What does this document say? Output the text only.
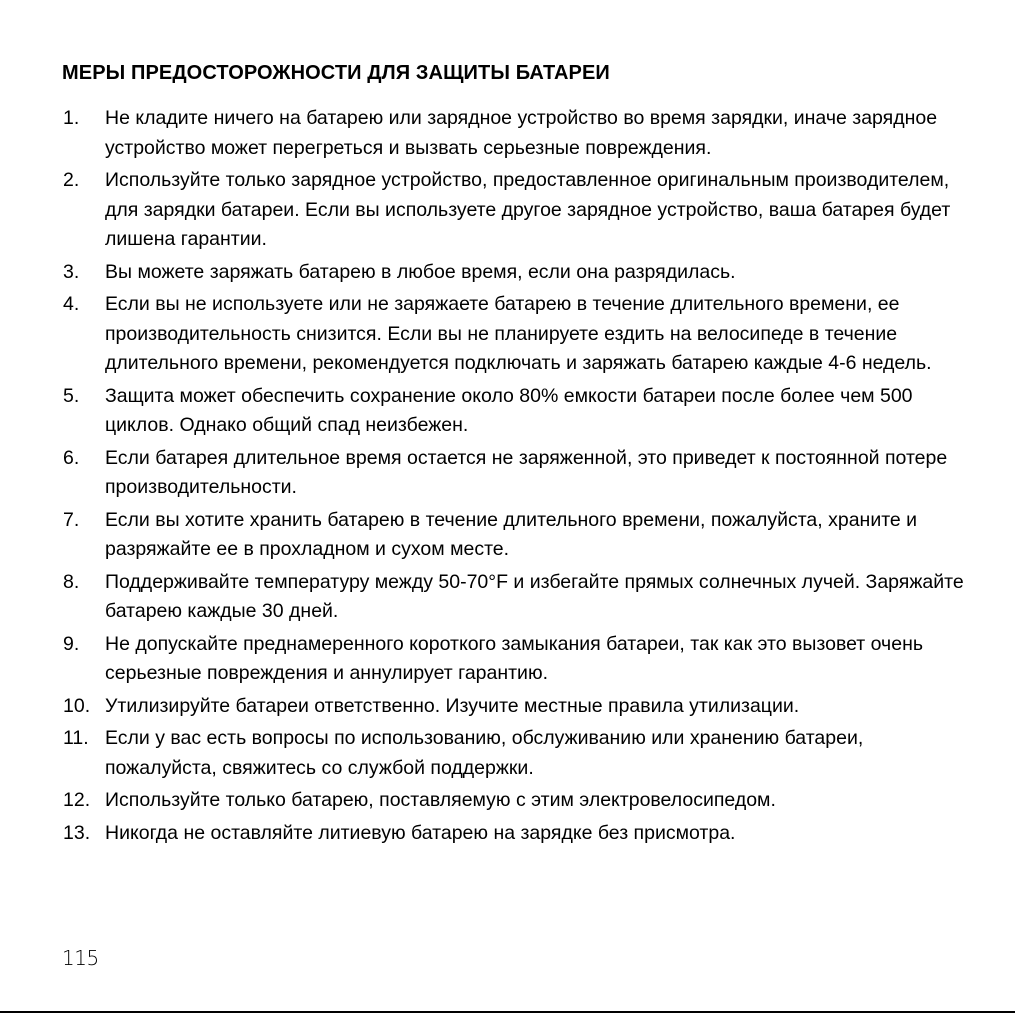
МЕРЫ ПРЕДОСТОРОЖНОСТИ ДЛЯ ЗАЩИТЫ БАТАРЕИ
1. Не кладите ничего на батарею или зарядное устройство во время зарядки, иначе зарядное устройство может перегреться и вызвать серьезные повреждения.
2. Используйте только зарядное устройство, предоставленное оригинальным производителем, для зарядки батареи. Если вы используете другое зарядное устройство, ваша батарея будет лишена гарантии.
3. Вы можете заряжать батарею в любое время, если она разрядилась.
4. Если вы не используете или не заряжаете батарею в течение длительного времени, ее производительность снизится. Если вы не планируете ездить на велосипеде в течение длительного времени, рекомендуется подключать и заряжать батарею каждые 4-6 недель.
5. Защита может обеспечить сохранение около 80% емкости батареи после более чем 500 циклов. Однако общий спад неизбежен.
6. Если батарея длительное время остается не заряженной, это приведет к постоянной потере производительности.
7. Если вы хотите хранить батарею в течение длительного времени, пожалуйста, храните и разряжайте ее в прохладном и сухом месте.
8. Поддерживайте температуру между 50-70°F и избегайте прямых солнечных лучей. Заряжайте батарею каждые 30 дней.
9. Не допускайте преднамеренного короткого замыкания батареи, так как это вызовет очень серьезные повреждения и аннулирует гарантию.
10. Утилизируйте батареи ответственно. Изучите местные правила утилизации.
11. Если у вас есть вопросы по использованию, обслуживанию или хранению батареи, пожалуйста, свяжитесь со службой поддержки.
12. Используйте только батарею, поставляемую с этим электровелосипедом.
13. Никогда не оставляйте литиевую батарею на зарядке без присмотра.
115
